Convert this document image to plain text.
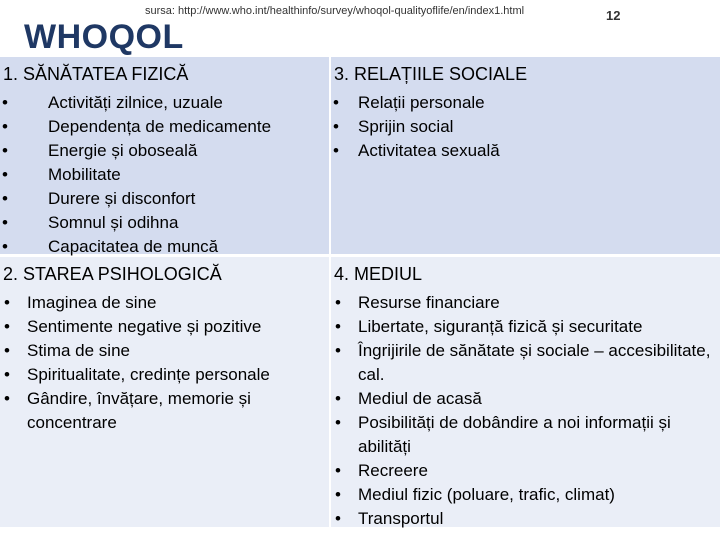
sursa: http://www.who.int/healthinfo/survey/whoqol-qualityoflife/en/index1.html	12
WHOQOL
1. SĂNĂTATEA FIZICĂ
• Activități zilnice, uzuale
• Dependența de medicamente
• Energie și oboseală
• Mobilitate
• Durere și disconfort
• Somnul și odihna
• Capacitatea de muncă
3. RELAȚIILE SOCIALE
• Relații personale
• Sprijin social
• Activitatea sexuală
2. STAREA PSIHOLOGICĂ
• Imaginea de sine
• Sentimente negative și pozitive
• Stima de sine
• Spiritualitate, credințe personale
• Gândire, învățare, memorie și concentrare
4. MEDIUL
• Resurse financiare
• Libertate, siguranță fizică și securitate
• Îngrijirile de sănătate și sociale – accesibilitate, cal.
• Mediul de acasă
• Posibilități de dobândire a noi informații și abilități
• Recreere
• Mediul fizic (poluare, trafic, climat)
• Transportul
